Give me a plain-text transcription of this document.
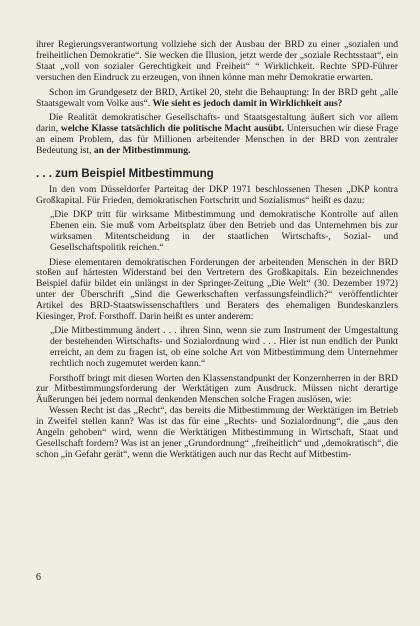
ihrer Regierungsverantwortung vollziehe sich der Ausbau der BRD zu einer „sozialen und freiheitlichen Demokratie“. Sie wecken die Illusion, jetzt werde der „soziale Rechtsstaat“, ein Staat „voll von sozialer Gerechtigkeit und Freiheit“ “ Wirklichkeit. Rechte SPD-Führer versuchen den Eindruck zu erzeugen, von ihnen könne man mehr Demokratie erwarten.

Schon im Grundgesetz der BRD, Artikel 20, steht die Behauptung: In der BRD geht „alle Staatsgewalt vom Volke aus“. Wie sieht es jedoch damit in Wirklichkeit aus?

Die Realität demokratischer Gesellschafts- und Staatsgestaltung äußert sich vor allem darin, welche Klasse tatsächlich die politische Macht ausübt. Untersuchen wir diese Frage an einem Problem, das für Millionen arbeitender Menschen in der BRD von zentraler Bedeutung ist, an der Mitbestimmung.

. . . zum Beispiel Mitbestimmung

In den vom Düsseldorfer Parteitag der DKP 1971 beschlossenen Thesen „DKP kontra Großkapital. Für Frieden, demokratischen Fortschritt und Sozialismus“ heißt es dazu:

„Die DKP tritt für wirksame Mitbestimmung und demokratische Kontrolle auf allen Ebenen ein. Sie muß vom Arbeitsplatz über den Betrieb und das Unternehmen bis zur wirksamen Mitentscheidung in der staatlichen Wirtschafts-, Sozial- und Gesellschaftspolitik reichen.“

Diese elementaren demokratischen Forderungen der arbeitenden Menschen in der BRD stoßen auf härtesten Widerstand bei den Vertretern des Großkapitals. Ein bezeichnendes Beispiel dafür bildet ein unlängst in der Springer-Zeitung „Die Welt“ (30. Dezember 1972) unter der Überschrift „Sind die Gewerkschaften verfassungsfeindlich?“ veröffentlichter Artikel des BRD-Staatswissenschaftlers und Beraters des ehemaligen Bundeskanzlers Kiesinger, Prof. Forsthoff. Darin heißt es unter anderem:

„Die Mitbestimmung ändert . . . ihren Sinn, wenn sie zum Instrument der Umgestaltung der bestehenden Wirtschafts- und Sozialordnung wird . . . Hier ist nun endlich der Punkt erreicht, an dem zu fragen ist, ob eine solche Art von Mitbestimmung dem Unternehmer rechtlich noch zugemutet werden kann.“

Forsthoff bringt mit diesen Worten den Klassenstandpunkt der Konzernherren in der BRD zur Mitbestimmungsforderung der Werktätigen zum Ausdruck. Müssen nicht derartige Äußerungen bei jedem normal denkenden Menschen solche Fragen auslösen, wie:

Wessen Recht ist das „Recht“, das bereits die Mitbestimmung der Werktätigen im Betrieb in Zweifel stellen kann? Was ist das für eine „Rechts- und Sozialordnung“, die „aus den Angeln gehoben“ wird, wenn die Werktätigen Mitbestimmung in Wirtschaft, Staat und Gesellschaft fordern? Was ist an jener „Grundordnung“ „freiheitlich“ und „demokratisch“, die schon „in Gefahr gerät“, wenn die Werktätigen auch nur das Recht auf Mitbestim-

6
